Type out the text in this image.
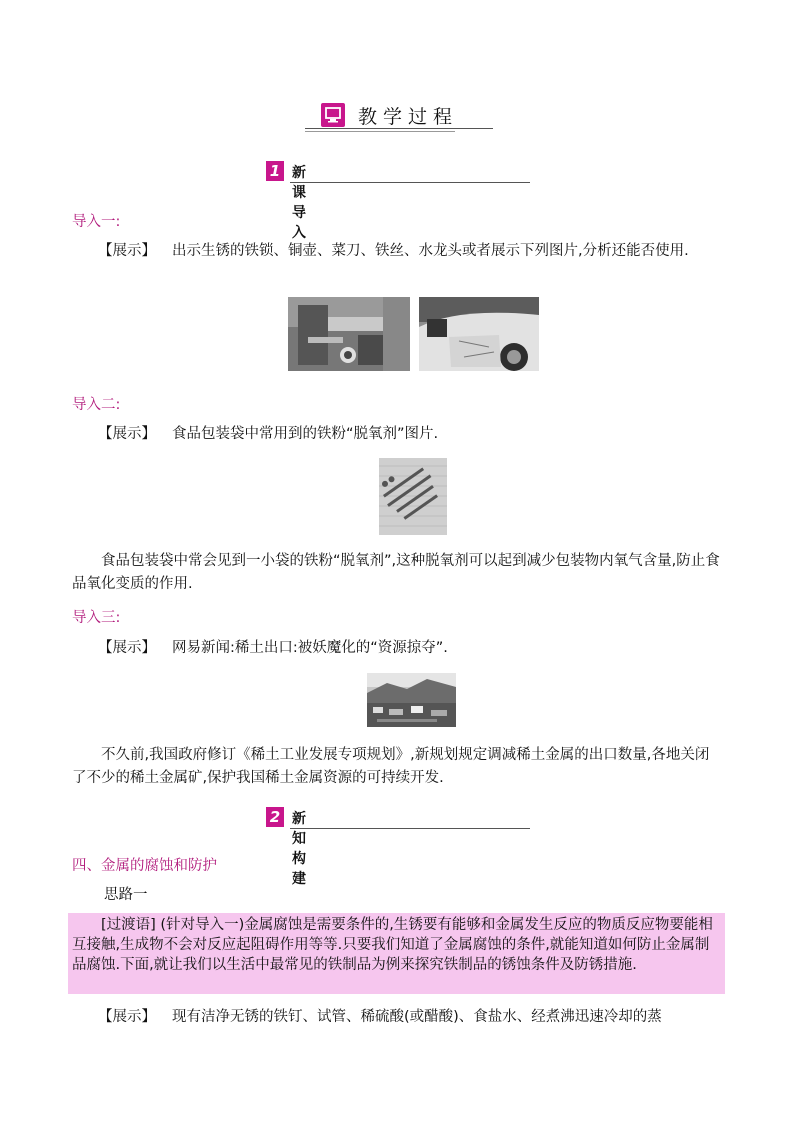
教学过程
1 新课导入
导入一:
【展示】 出示生锈的铁锁、铜壶、菜刀、铁丝、水龙头或者展示下列图片,分析还能否使用.
导入二:
【展示】 食品包装袋中常用到的铁粉“脱氧剂”图片.
食品包装袋中常会见到一小袋的铁粉“脱氧剂”,这种脱氧剂可以起到减少包装物内氧气含量,防止食品氧化变质的作用.
导入三:
【展示】 网易新闻:稀土出口:被妖魔化的“资源掠夺”.
不久前,我国政府修订《稀土工业发展专项规划》,新规划规定调减稀土金属的出口数量,各地关闭了不少的稀土金属矿,保护我国稀土金属资源的可持续开发.
2 新知构建
四、金属的腐蚀和防护
思路一
[过渡语] (针对导入一)金属腐蚀是需要条件的,生锈要有能够和金属发生反应的物质反应物要能相互接触,生成物不会对反应起阻碍作用等等.只要我们知道了金属腐蚀的条件,就能知道如何防止金属制品腐蚀.下面,就让我们以生活中最常见的铁制品为例来探究铁制品的锈蚀条件及防锈措施.
【展示】 现有洁净无锈的铁钉、试管、稀硫酸(或醋酸)、食盐水、经煮沸迅速冷却的蒸
